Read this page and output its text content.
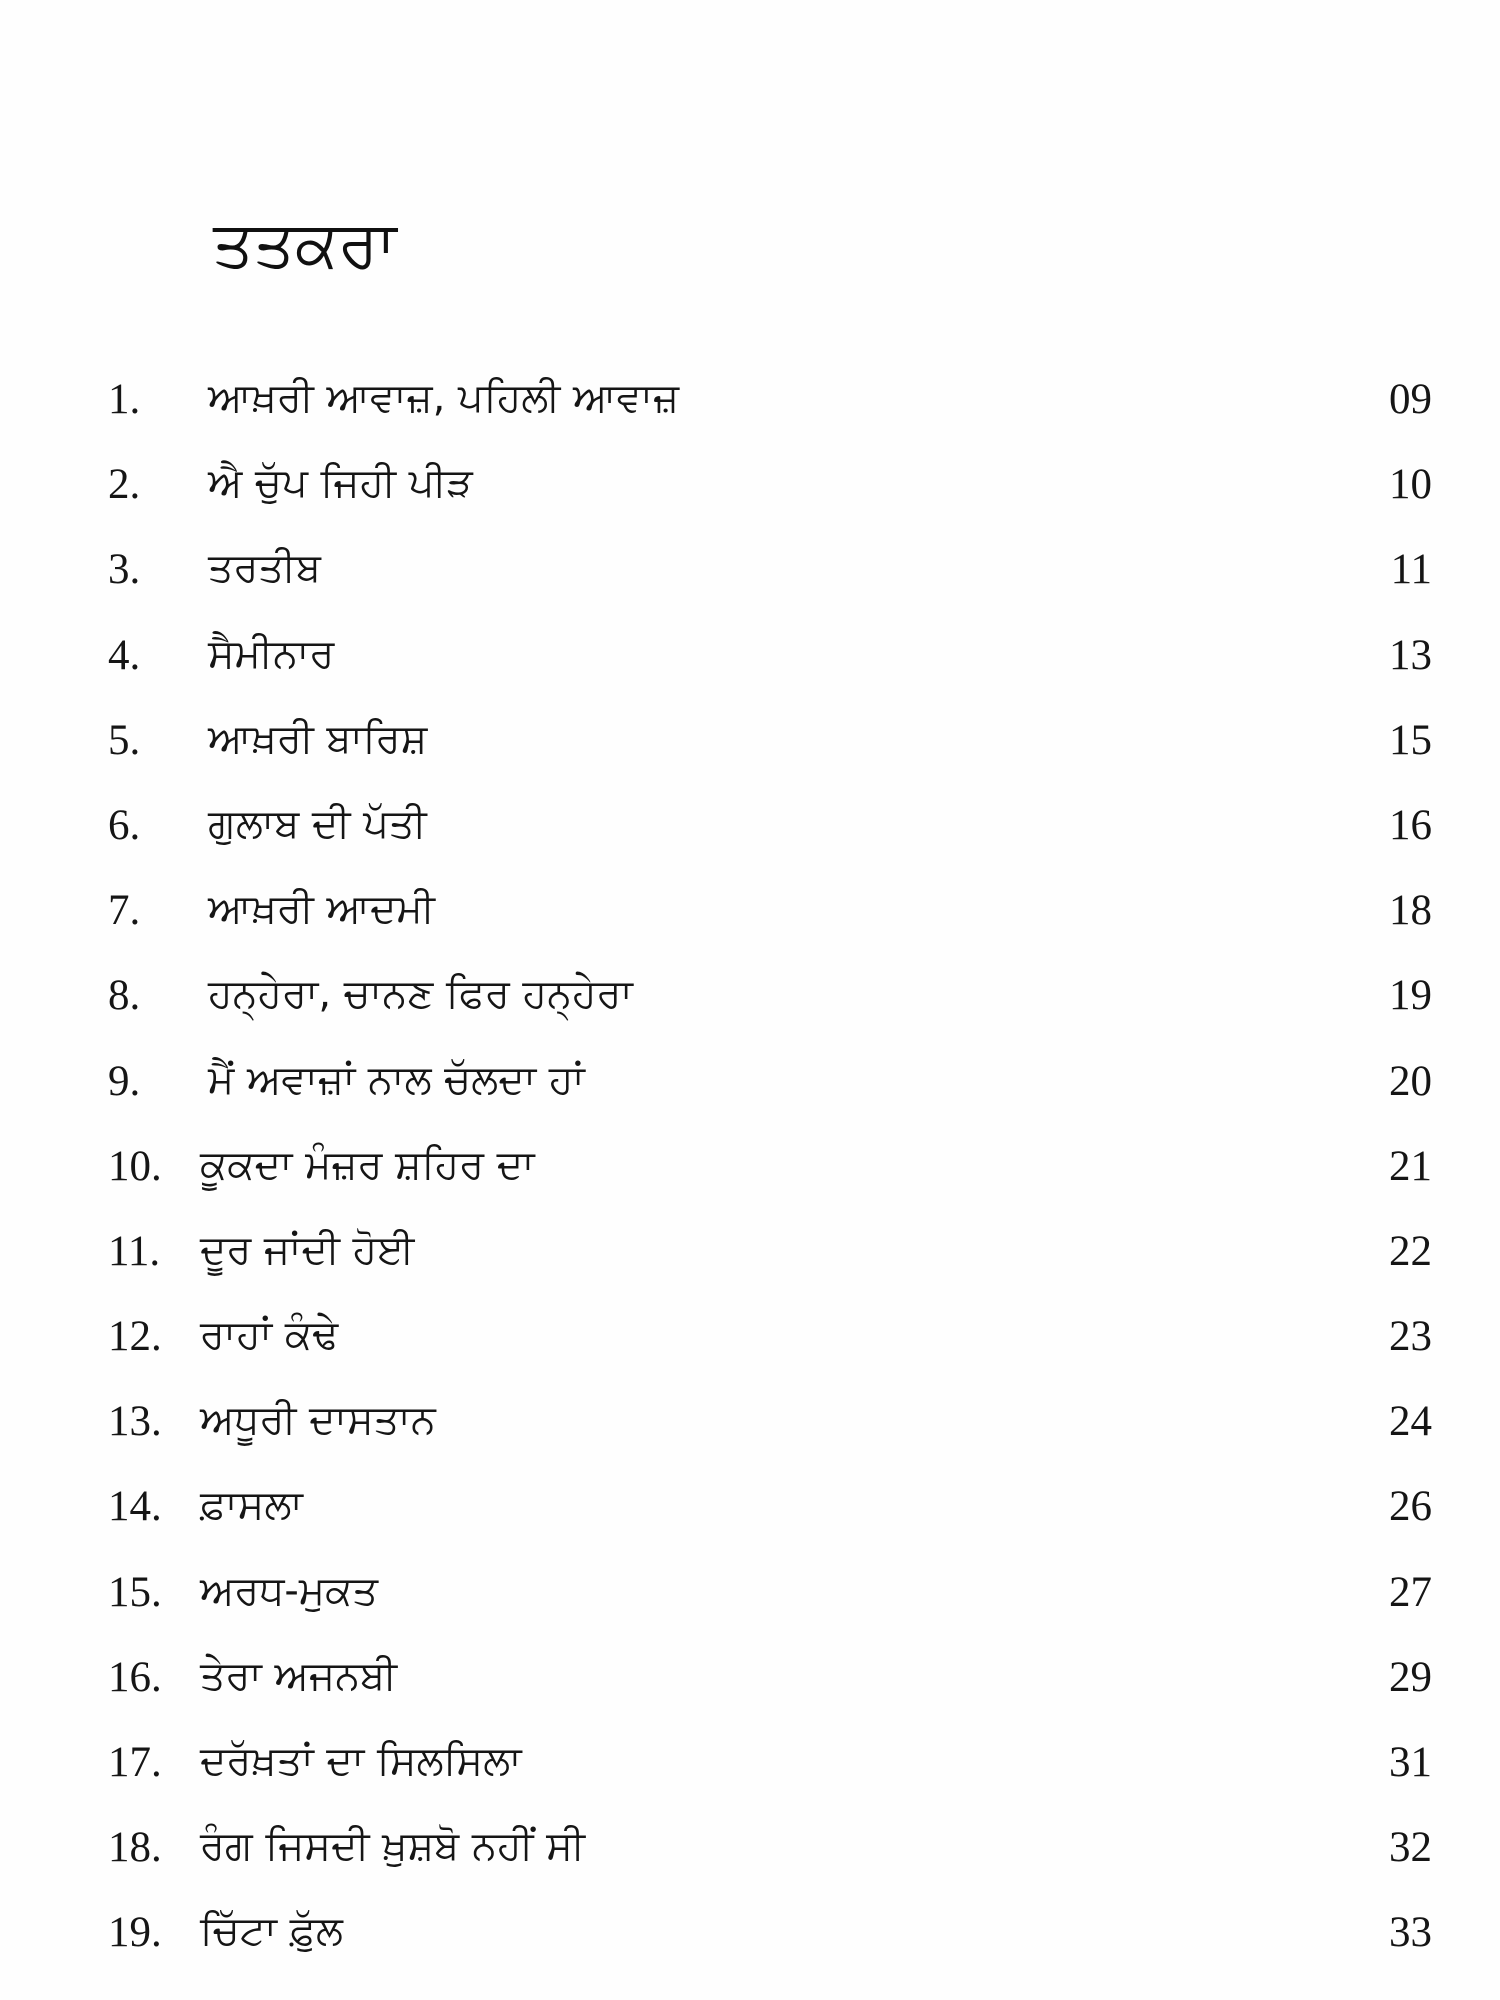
ਤਤਕਰਾ
1. ਆਖ਼ਰੀ ਆਵਾਜ਼, ਪਹਿਲੀ ਆਵਾਜ਼	09
2. ਐ ਚੁੱਪ ਜਿਹੀ ਪੀੜ	10
3. ਤਰਤੀਬ	11
4. ਸੈਮੀਨਾਰ	13
5. ਆਖ਼ਰੀ ਬਾਰਿਸ਼	15
6. ਗੁਲਾਬ ਦੀ ਪੱਤੀ	16
7. ਆਖ਼ਰੀ ਆਦਮੀ	18
8. ਹਨ੍ਹੇਰਾ, ਚਾਨਣ ਫਿਰ ਹਨ੍ਹੇਰਾ	19
9. ਮੈਂ ਅਵਾਜ਼ਾਂ ਨਾਲ ਚੱਲਦਾ ਹਾਂ	20
10. ਕੂਕਦਾ ਮੰਜ਼ਰ ਸ਼ਹਿਰ ਦਾ	21
11. ਦੂਰ ਜਾਂਦੀ ਹੋਈ	22
12. ਰਾਹਾਂ ਕੰਢੇ	23
13. ਅਧੂਰੀ ਦਾਸਤਾਨ	24
14. ਫ਼ਾਸਲਾ	26
15. ਅਰਧ-ਮੁਕਤ	27
16. ਤੇਰਾ ਅਜਨਬੀ	29
17. ਦਰੱਖ਼ਤਾਂ ਦਾ ਸਿਲਸਿਲਾ	31
18. ਰੰਗ ਜਿਸਦੀ ਖ਼ੁਸ਼ਬੋ ਨਹੀਂ ਸੀ	32
19. ਚਿੱਟਾ ਫ਼ੁੱਲ	33
